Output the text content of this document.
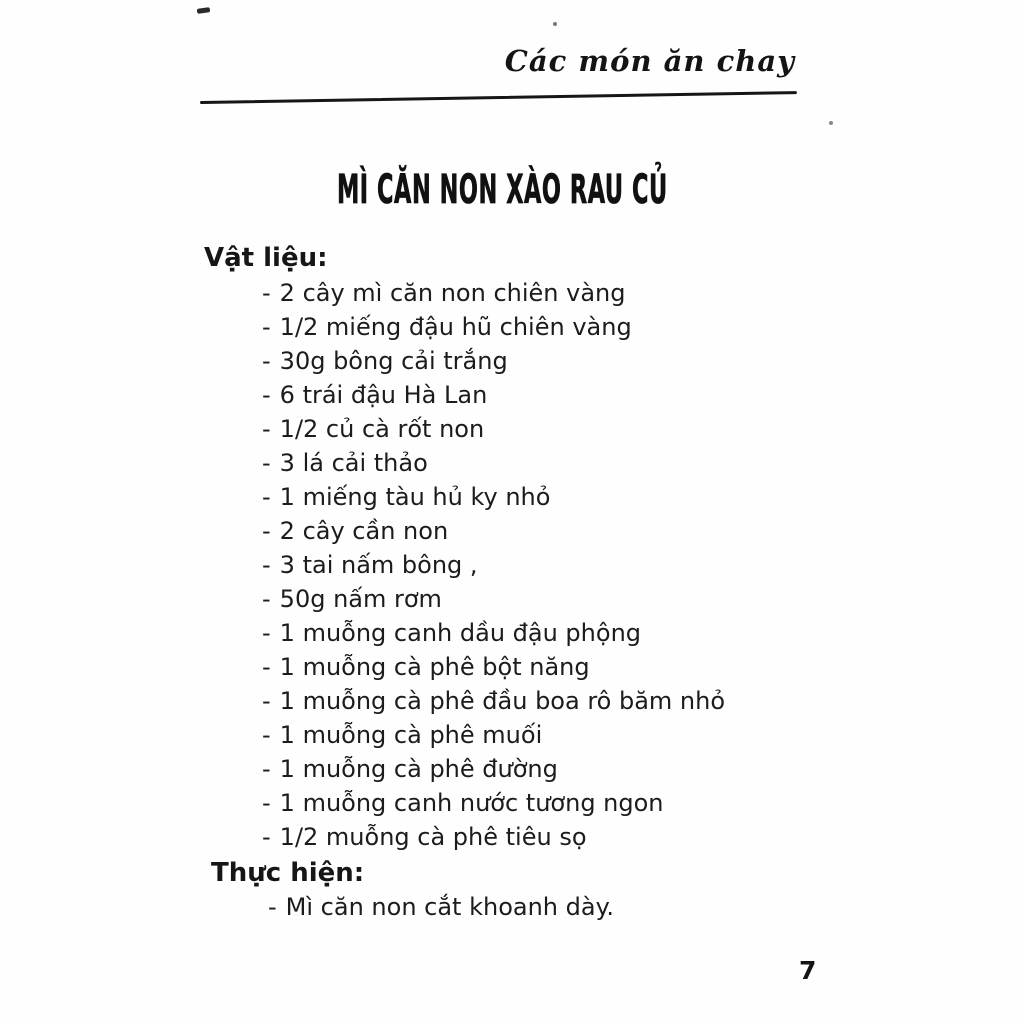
Các món ăn chay
MÌ CĂN NON XÀO RAU CỦ
Vật liệu:
- 2 cây mì căn non chiên vàng
- 1/2 miếng đậu hũ chiên vàng
- 30g bông cải trắng
- 6 trái đậu Hà Lan
- 1/2 củ cà rốt non
- 3 lá cải thảo
- 1 miếng tàu hủ ky nhỏ
- 2 cây cần non
- 3 tai nấm bông ,
- 50g nấm rơm
- 1 muỗng canh dầu đậu phộng
- 1 muỗng cà phê bột năng
- 1 muỗng cà phê đầu boa rô băm nhỏ
- 1 muỗng cà phê muối
- 1 muỗng cà phê đường
- 1 muỗng canh nước tương ngon
- 1/2 muỗng cà phê tiêu sọ
Thực hiện:
- Mì căn non cắt khoanh dày.
7
